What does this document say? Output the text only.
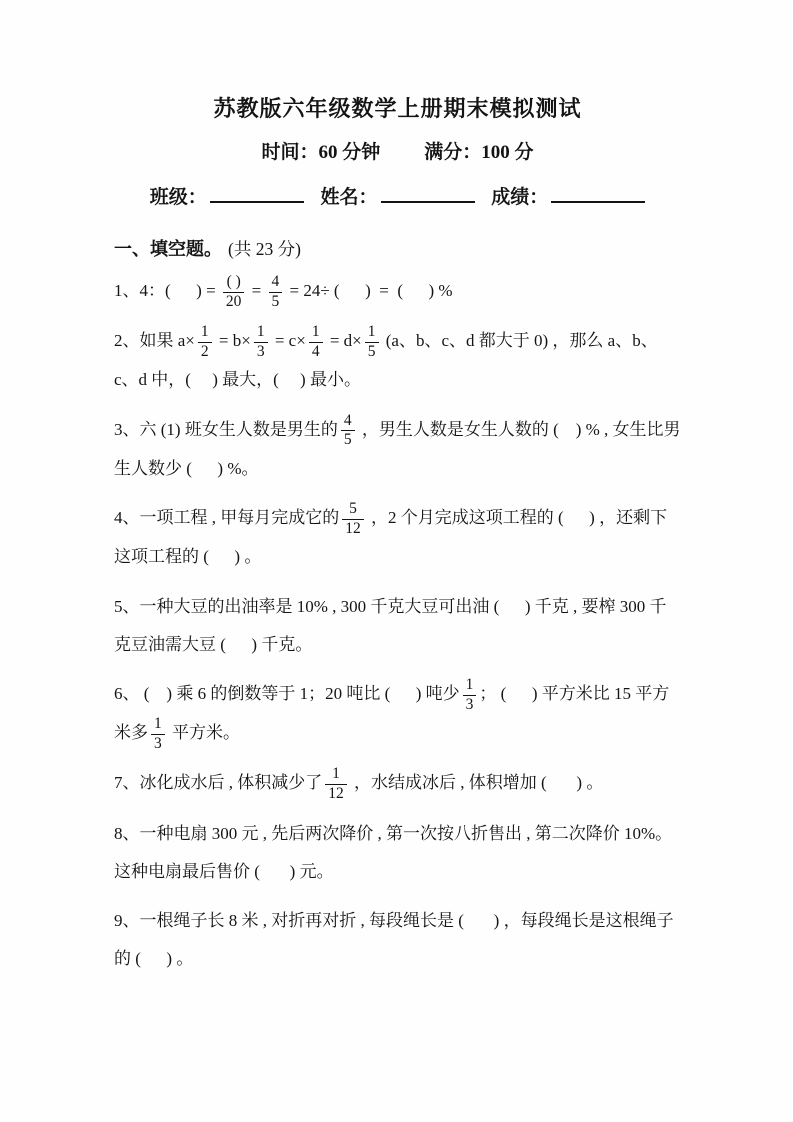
苏教版六年级数学上册期末模拟测试
时间：60 分钟 满分：100 分
班级：	姓名：	成绩：
一、填空题。 (共 23 分)

1、4：(      ) = $\frac{( )}{20} = \frac{4}{5} = 24\div$ (      )  =  (      ) %

2、如果 $a\times \frac{1}{2} = b\times \frac{1}{3} = c\times \frac{1}{4} = d\times \frac{1}{5} (a$、b、c、d 都大于 0) ，那么 a、b、c、d 中，(     ) 最大，(     ) 最小。

3、六 (1) 班女生人数是男生的 $\frac{4}{5}$ ，男生人数是女生人数的 (    ) % , 女生比男生人数少 (      ) %。

4、一项工程 , 甲每月完成它的 $\frac{5}{12}$ ，2 个月完成这项工程的 (      ) ，还剩下这项工程的 (      ) 。

5、一种大豆的出油率是 10% , 300 千克大豆可出油 (      ) 千克 , 要榨 300 千克豆油需大豆 (      ) 千克。

6、 (    ) 乘 6 的倒数等于 1；20 吨比 (      ) 吨少 $\frac{1}{3}$ ； (      ) 平方米比 15 平方米多 $\frac{1}{3}$ 平方米。

7、冰化成水后 , 体积减少了 $\frac{1}{12}$ ，水结成冰后 , 体积增加 (       ) 。

8、一种电扇 300 元 , 先后两次降价 , 第一次按八折售出 , 第二次降价 10%。这种电扇最后售价 (       ) 元。

9、一根绳子长 8 米 , 对折再对折 , 每段绳长是 (       ) ，每段绳长是这根绳子的 (      ) 。
